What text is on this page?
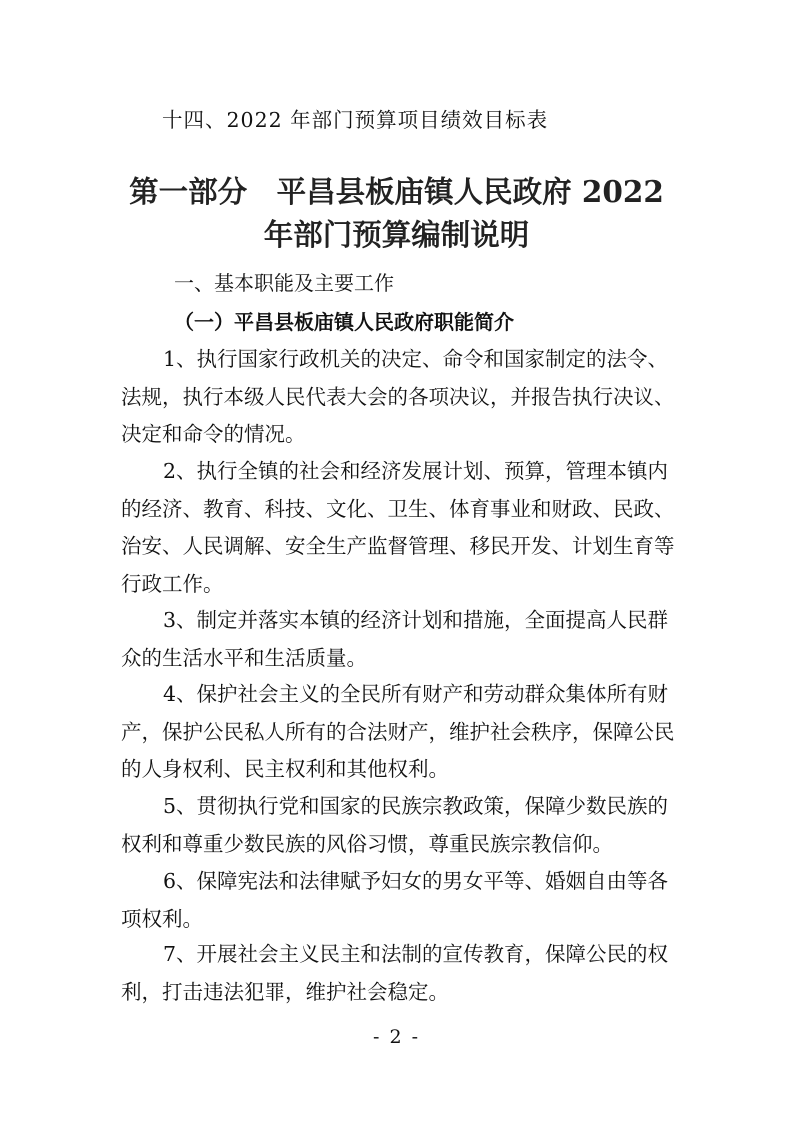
十四、2022 年部门预算项目绩效目标表
第一部分　平昌县板庙镇人民政府 2022
年部门预算编制说明
一、基本职能及主要工作
（一）平昌县板庙镇人民政府职能简介
1、执行国家行政机关的决定、命令和国家制定的法令、
法规，执行本级人民代表大会的各项决议，并报告执行决议、
决定和命令的情况。
2、执行全镇的社会和经济发展计划、预算，管理本镇内
的经济、教育、科技、文化、卫生、体育事业和财政、民政、
治安、人民调解、安全生产监督管理、移民开发、计划生育等
行政工作。
3、制定并落实本镇的经济计划和措施，全面提高人民群
众的生活水平和生活质量。
4、保护社会主义的全民所有财产和劳动群众集体所有财
产，保护公民私人所有的合法财产，维护社会秩序，保障公民
的人身权利、民主权利和其他权利。
5、贯彻执行党和国家的民族宗教政策，保障少数民族的
权利和尊重少数民族的风俗习惯，尊重民族宗教信仰。
6、保障宪法和法律赋予妇女的男女平等、婚姻自由等各
项权利。
7、开展社会主义民主和法制的宣传教育，保障公民的权
利，打击违法犯罪，维护社会稳定。
- 2 -
